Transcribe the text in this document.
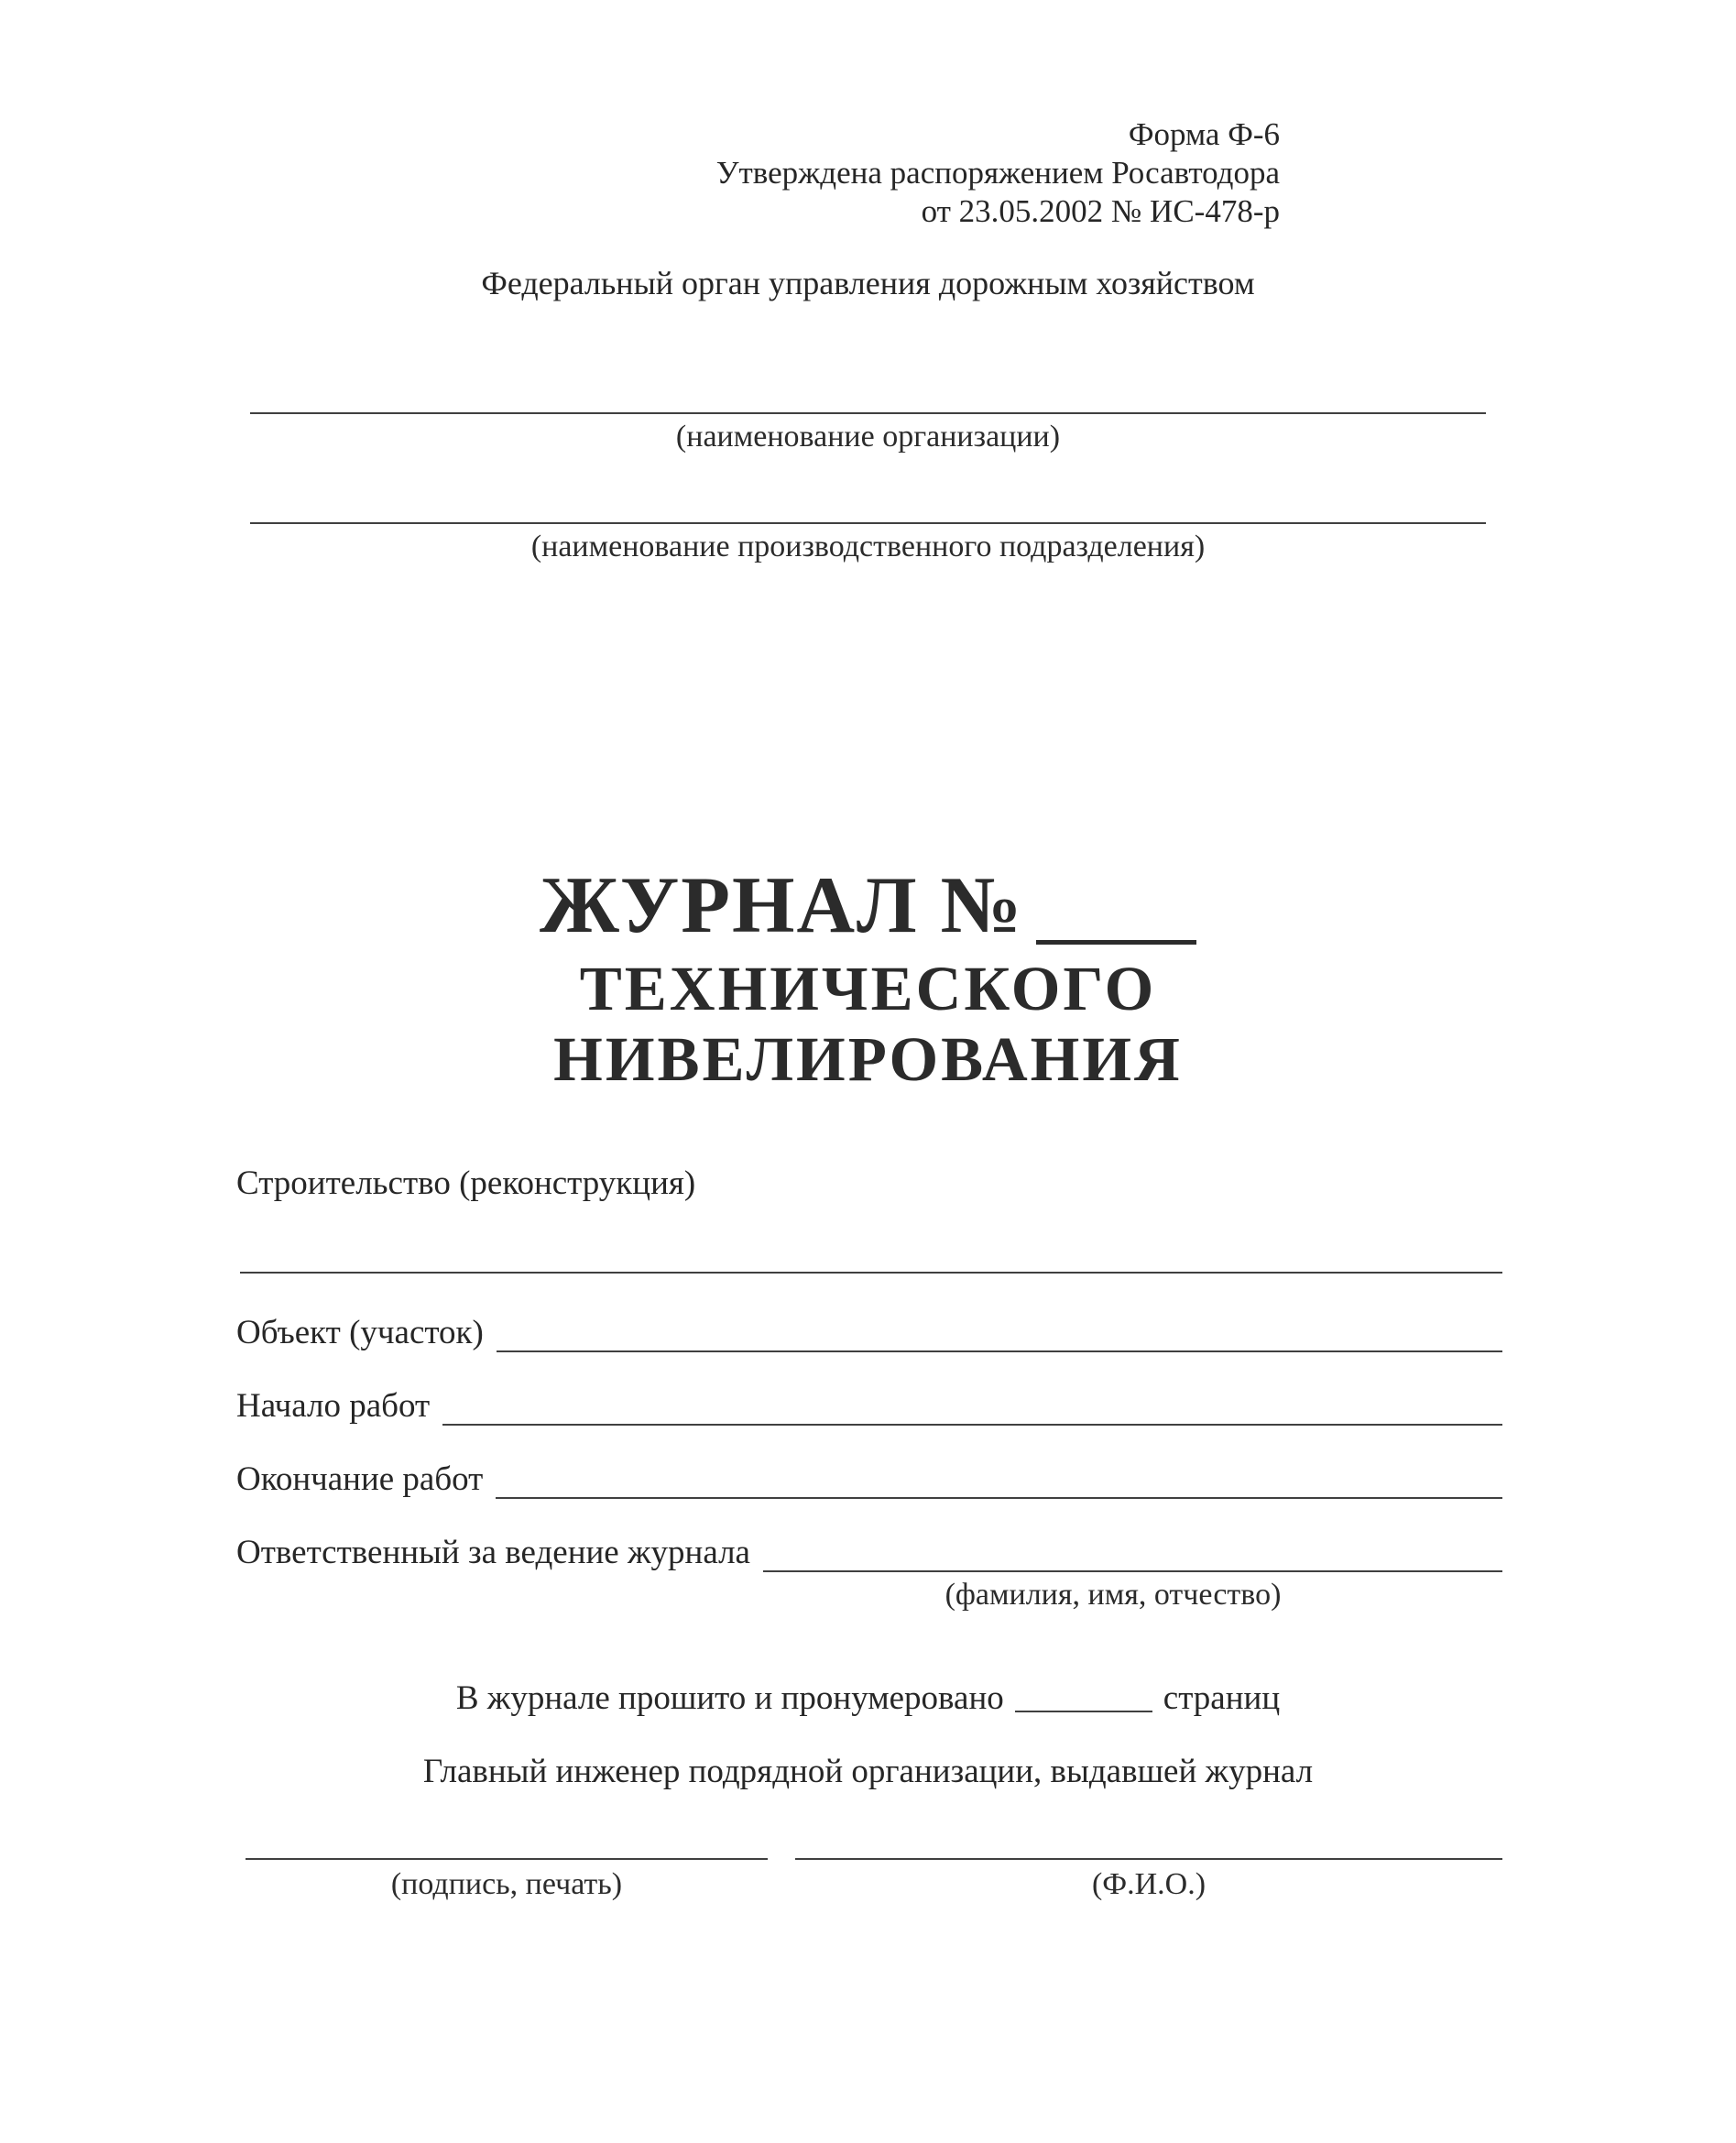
Форма Ф-6
Утверждена распоряжением Росавтодора
от 23.05.2002 № ИС-478-р
Федеральный орган управления дорожным хозяйством
(наименование организации)
(наименование производственного подразделения)
ЖУРНАЛ №
ТЕХНИЧЕСКОГО
НИВЕЛИРОВАНИЯ
Строительство (реконструкция)
Объект (участок)
Начало работ
Окончание работ
Ответственный за ведение журнала
(фамилия, имя, отчество)
В журнале прошито и пронумеровано	страниц
Главный инженер подрядной организации, выдавшей журнал
(подпись, печать)	(Ф.И.О.)
